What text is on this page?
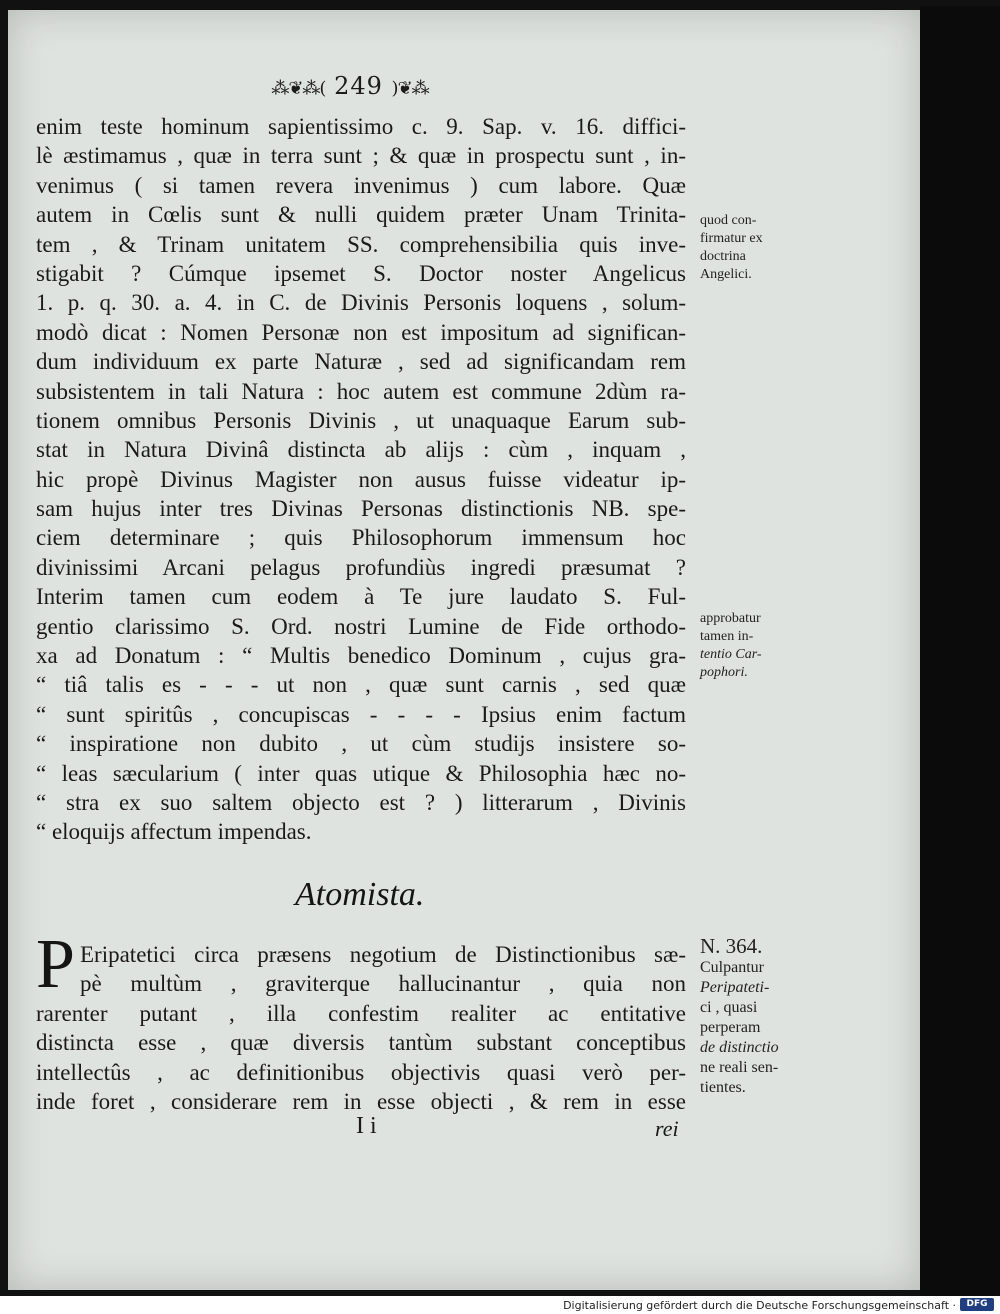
⁂❦⁂( 249 )❦⁂
enim teste hominum sapientissimo c. 9. Sap. v. 16. diffici-
lè æstimamus , quæ in terra sunt ; & quæ in prospectu sunt , in-
venimus ( si tamen revera invenimus ) cum labore. Quæ
autem in Cœlis sunt & nulli quidem præter Unam Trinita-
tem , & Trinam unitatem SS. comprehensibilia quis inve-
stigabit ? Cúmque ipsemet S. Doctor noster Angelicus
1. p. q. 30. a. 4. in C. de Divinis Personis loquens , solum-
modò dicat : Nomen Personæ non est impositum ad significan-
dum individuum ex parte Naturæ , sed ad significandam rem
subsistentem in tali Natura : hoc autem est commune 2dùm ra-
tionem omnibus Personis Divinis , ut unaquaque Earum sub-
stat in Natura Divinâ distincta ab alijs : cùm , inquam ,
hic propè Divinus Magister non ausus fuisse videatur ip-
sam hujus inter tres Divinas Personas distinctionis NB. spe-
ciem determinare ; quis Philosophorum immensum hoc
divinissimi Arcani pelagus profundiùs ingredi præsumat ?
Interim tamen cum eodem à Te jure laudato S. Ful-
gentio clarissimo S. Ord. nostri Lumine de Fide orthodo-
xa ad Donatum : “ Multis benedico Dominum , cujus gra-
“ tiâ talis es - - - ut non , quæ sunt carnis , sed quæ
“ sunt spiritûs , concupiscas - - - - Ipsius enim factum
“ inspiratione non dubito , ut cùm studijs insistere so-
“ leas sæcularium ( inter quas utique & Philosophia hæc no-
“ stra ex suo saltem objecto est ? ) litterarum , Divinis
“ eloquijs affectum impendas.
Atomista.
P Eripatetici circa præsens negotium de Distinctionibus sæ-
pè multùm , graviterque hallucinantur , quia non
rarenter putant , illa confestim realiter ac entitative
distincta esse , quæ diversis tantùm substant conceptibus
intellectûs , ac definitionibus objectivis quasi verò per-
inde foret , considerare rem in esse objecti , & rem in esse
quod con-
firmatur ex
doctrina
Angelici.
approbatur
tamen in-
tentio Car-
pophori.
N. 364.
Culpantur
Peripateti-
ci , quasi
perperam
de distinctio
ne reali sen-
tientes.
I i	rei
Digitalisierung gefördert durch die Deutsche Forschungsgemeinschaft ·	DFG
